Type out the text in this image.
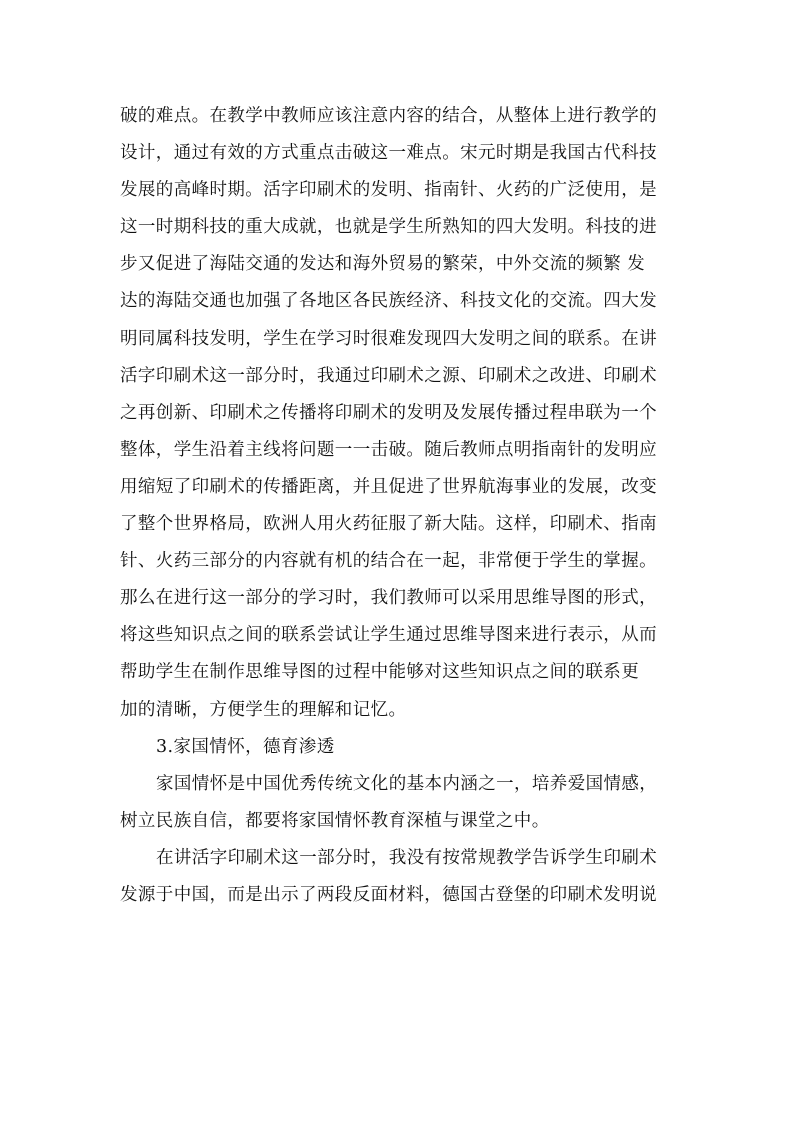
破的难点。在教学中教师应该注意内容的结合，从整体上进行教学的
设计，通过有效的方式重点击破这一难点。宋元时期是我国古代科技
发展的高峰时期。活字印刷术的发明、指南针、火药的广泛使用，是
这一时期科技的重大成就，也就是学生所熟知的四大发明。科技的进
步又促进了海陆交通的发达和海外贸易的繁荣，中外交流的频繁 发
达的海陆交通也加强了各地区各民族经济、科技文化的交流。四大发
明同属科技发明，学生在学习时很难发现四大发明之间的联系。在讲
活字印刷术这一部分时，我通过印刷术之源、印刷术之改进、印刷术
之再创新、印刷术之传播将印刷术的发明及发展传播过程串联为一个
整体，学生沿着主线将问题一一击破。随后教师点明指南针的发明应
用缩短了印刷术的传播距离，并且促进了世界航海事业的发展，改变
了整个世界格局，欧洲人用火药征服了新大陆。这样，印刷术、指南
针、火药三部分的内容就有机的结合在一起，非常便于学生的掌握。
那么在进行这一部分的学习时，我们教师可以采用思维导图的形式，
将这些知识点之间的联系尝试让学生通过思维导图来进行表示，从而
帮助学生在制作思维导图的过程中能够对这些知识点之间的联系更
加的清晰，方便学生的理解和记忆。
3.家国情怀，德育渗透
家国情怀是中国优秀传统文化的基本内涵之一，培养爱国情感，
树立民族自信，都要将家国情怀教育深植与课堂之中。
在讲活字印刷术这一部分时，我没有按常规教学告诉学生印刷术
发源于中国，而是出示了两段反面材料，德国古登堡的印刷术发明说
